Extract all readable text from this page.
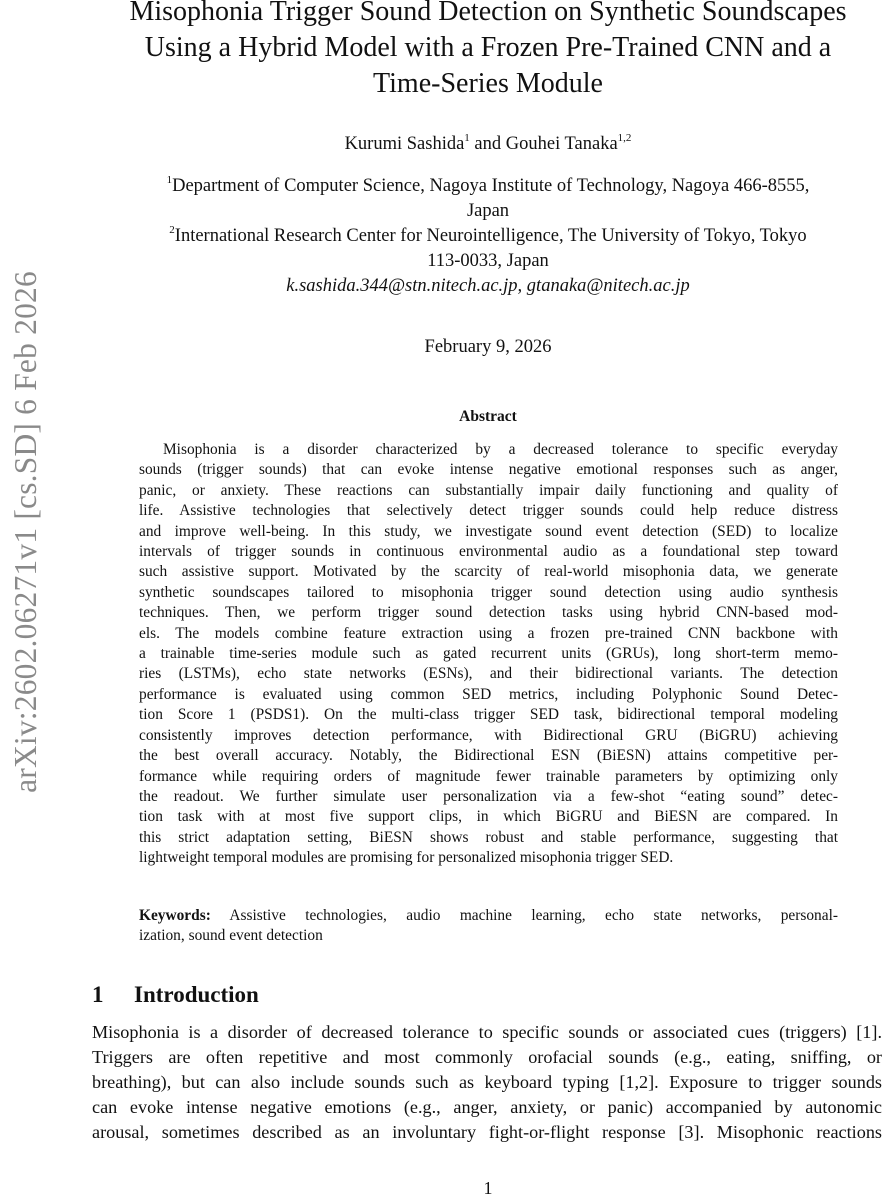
arXiv:2602.06271v1 [cs.SD] 6 Feb 2026
Misophonia Trigger Sound Detection on Synthetic Soundscapes
Using a Hybrid Model with a Frozen Pre-Trained CNN and a
Time-Series Module
Kurumi Sashida$^1$ and Gouhei Tanaka$^{1,2}$
$^1$Department of Computer Science, Nagoya Institute of Technology, Nagoya 466-8555,
Japan
$^2$International Research Center for Neurointelligence, The University of Tokyo, Tokyo
113-0033, Japan
k.sashida.344@stn.nitech.ac.jp, gtanaka@nitech.ac.jp
February 9, 2026
Abstract
Misophonia is a disorder characterized by a decreased tolerance to specific everyday
sounds (trigger sounds) that can evoke intense negative emotional responses such as anger,
panic, or anxiety. These reactions can substantially impair daily functioning and quality of
life. Assistive technologies that selectively detect trigger sounds could help reduce distress
and improve well-being. In this study, we investigate sound event detection (SED) to localize
intervals of trigger sounds in continuous environmental audio as a foundational step toward
such assistive support. Motivated by the scarcity of real-world misophonia data, we generate
synthetic soundscapes tailored to misophonia trigger sound detection using audio synthesis
techniques. Then, we perform trigger sound detection tasks using hybrid CNN-based mod-
els. The models combine feature extraction using a frozen pre-trained CNN backbone with
a trainable time-series module such as gated recurrent units (GRUs), long short-term memo-
ries (LSTMs), echo state networks (ESNs), and their bidirectional variants. The detection
performance is evaluated using common SED metrics, including Polyphonic Sound Detec-
tion Score 1 (PSDS1). On the multi-class trigger SED task, bidirectional temporal modeling
consistently improves detection performance, with Bidirectional GRU (BiGRU) achieving
the best overall accuracy. Notably, the Bidirectional ESN (BiESN) attains competitive per-
formance while requiring orders of magnitude fewer trainable parameters by optimizing only
the readout. We further simulate user personalization via a few-shot “eating sound” detec-
tion task with at most five support clips, in which BiGRU and BiESN are compared. In
this strict adaptation setting, BiESN shows robust and stable performance, suggesting that
lightweight temporal modules are promising for personalized misophonia trigger SED.
Keywords: Assistive technologies, audio machine learning, echo state networks, personal-
ization, sound event detection
1 Introduction
Misophonia is a disorder of decreased tolerance to specific sounds or associated cues (triggers) [1].
Triggers are often repetitive and most commonly orofacial sounds (e.g., eating, sniffing, or
breathing), but can also include sounds such as keyboard typing [1,2]. Exposure to trigger sounds
can evoke intense negative emotions (e.g., anger, anxiety, or panic) accompanied by autonomic
arousal, sometimes described as an involuntary fight-or-flight response [3]. Misophonic reactions
1
